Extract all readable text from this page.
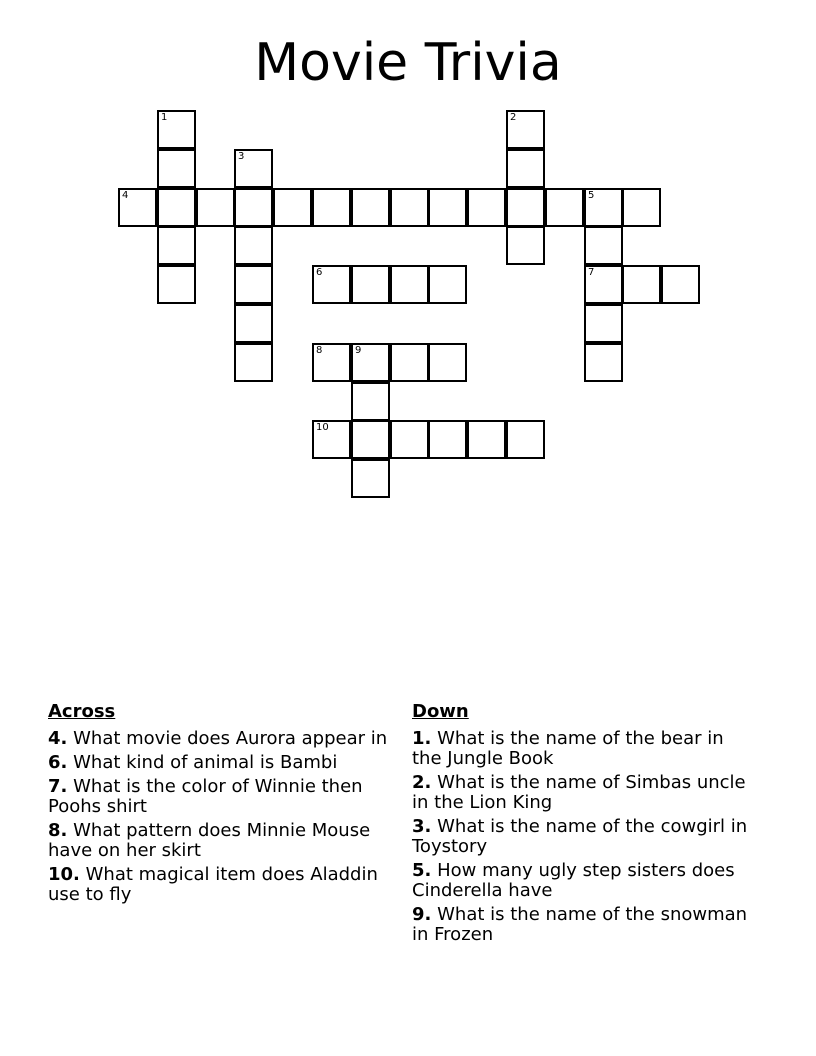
Movie Trivia
1	2
3
4	5
7
6
8	9
10
Across
4. What movie does Aurora appear in
6. What kind of animal is Bambi
7. What is the color of Winnie then Poohs shirt
8. What pattern does Minnie Mouse have on her skirt
10. What magical item does Aladdin use to fly
Down
1. What is the name of the bear in the Jungle Book
2. What is the name of Simbas uncle in the Lion King
3. What is the name of the cowgirl in Toystory
5. How many ugly step sisters does Cinderella have
9. What is the name of the snowman in Frozen
